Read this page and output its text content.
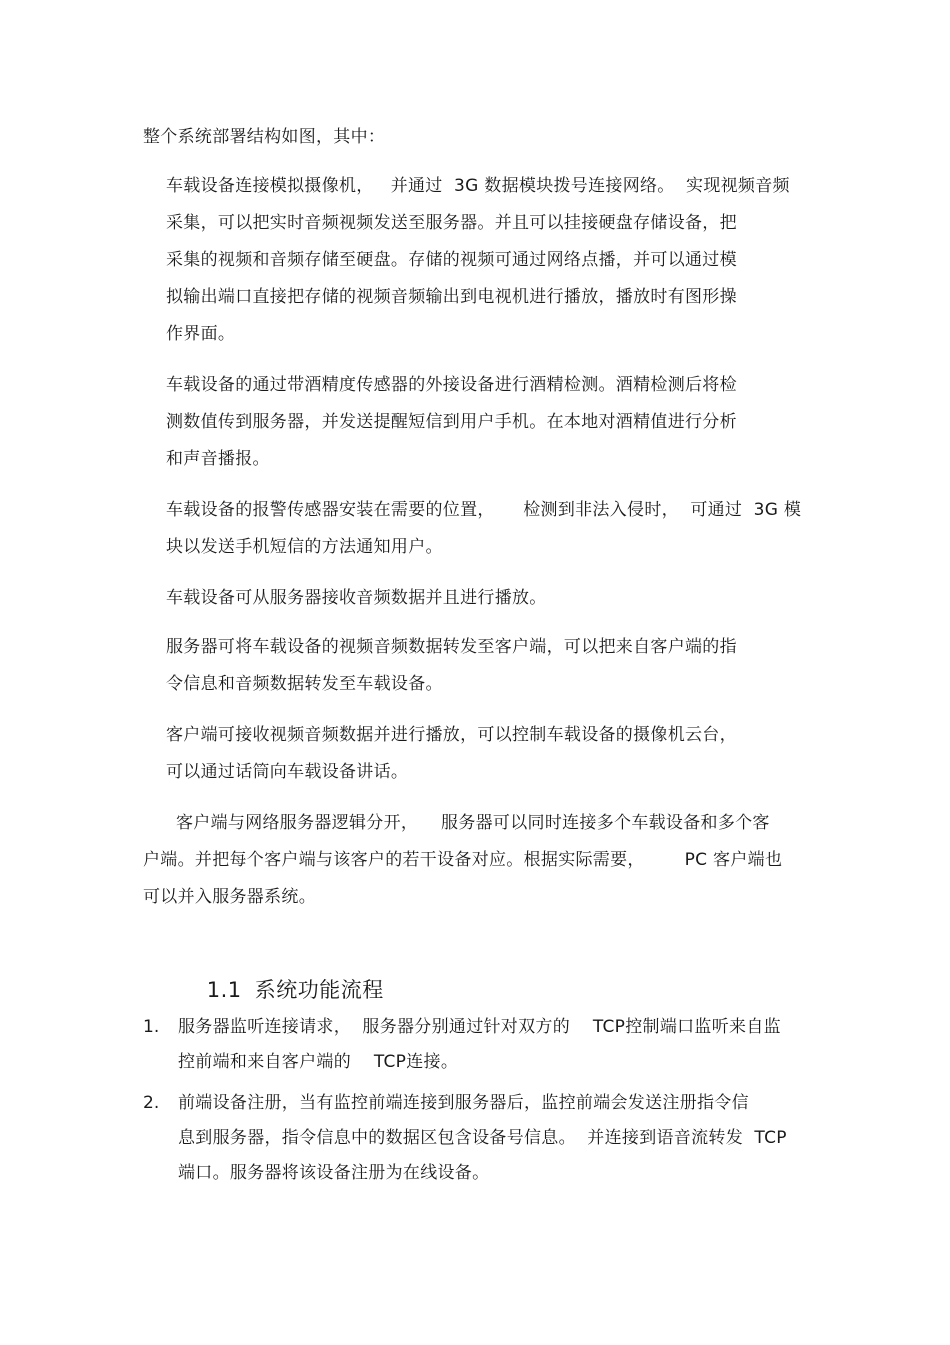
整个系统部署结构如图，其中：
车载设备连接模拟摄像机，   并通过  3G 数据模块拨号连接网络。  实现视频音频
采集，可以把实时音频视频发送至服务器。并且可以挂接硬盘存储设备，把
采集的视频和音频存储至硬盘。存储的视频可通过网络点播，并可以通过模
拟输出端口直接把存储的视频音频输出到电视机进行播放，播放时有图形操
作界面。
车载设备的通过带酒精度传感器的外接设备进行酒精检测。酒精检测后将检
测数值传到服务器，并发送提醒短信到用户手机。在本地对酒精值进行分析
和声音播报。
车载设备的报警传感器安装在需要的位置，     检测到非法入侵时，  可通过  3G 模
块以发送手机短信的方法通知用户。
车载设备可从服务器接收音频数据并且进行播放。
服务器可将车载设备的视频音频数据转发至客户端，可以把来自客户端的指
令信息和音频数据转发至车载设备。
客户端可接收视频音频数据并进行播放，可以控制车载设备的摄像机云台，
可以通过话筒向车载设备讲话。
客户端与网络服务器逻辑分开，    服务器可以同时连接多个车载设备和多个客
户端。并把每个客户端与该客户的若干设备对应。根据实际需要，       PC 客户端也
可以并入服务器系统。

1.1 系统功能流程

1. 服务器监听连接请求，  服务器分别通过针对双方的    TCP控制端口监听来自监
控前端和来自客户端的    TCP连接。
2. 前端设备注册，当有监控前端连接到服务器后，监控前端会发送注册指令信
息到服务器，指令信息中的数据区包含设备号信息。  并连接到语音流转发  TCP
端口。服务器将该设备注册为在线设备。
